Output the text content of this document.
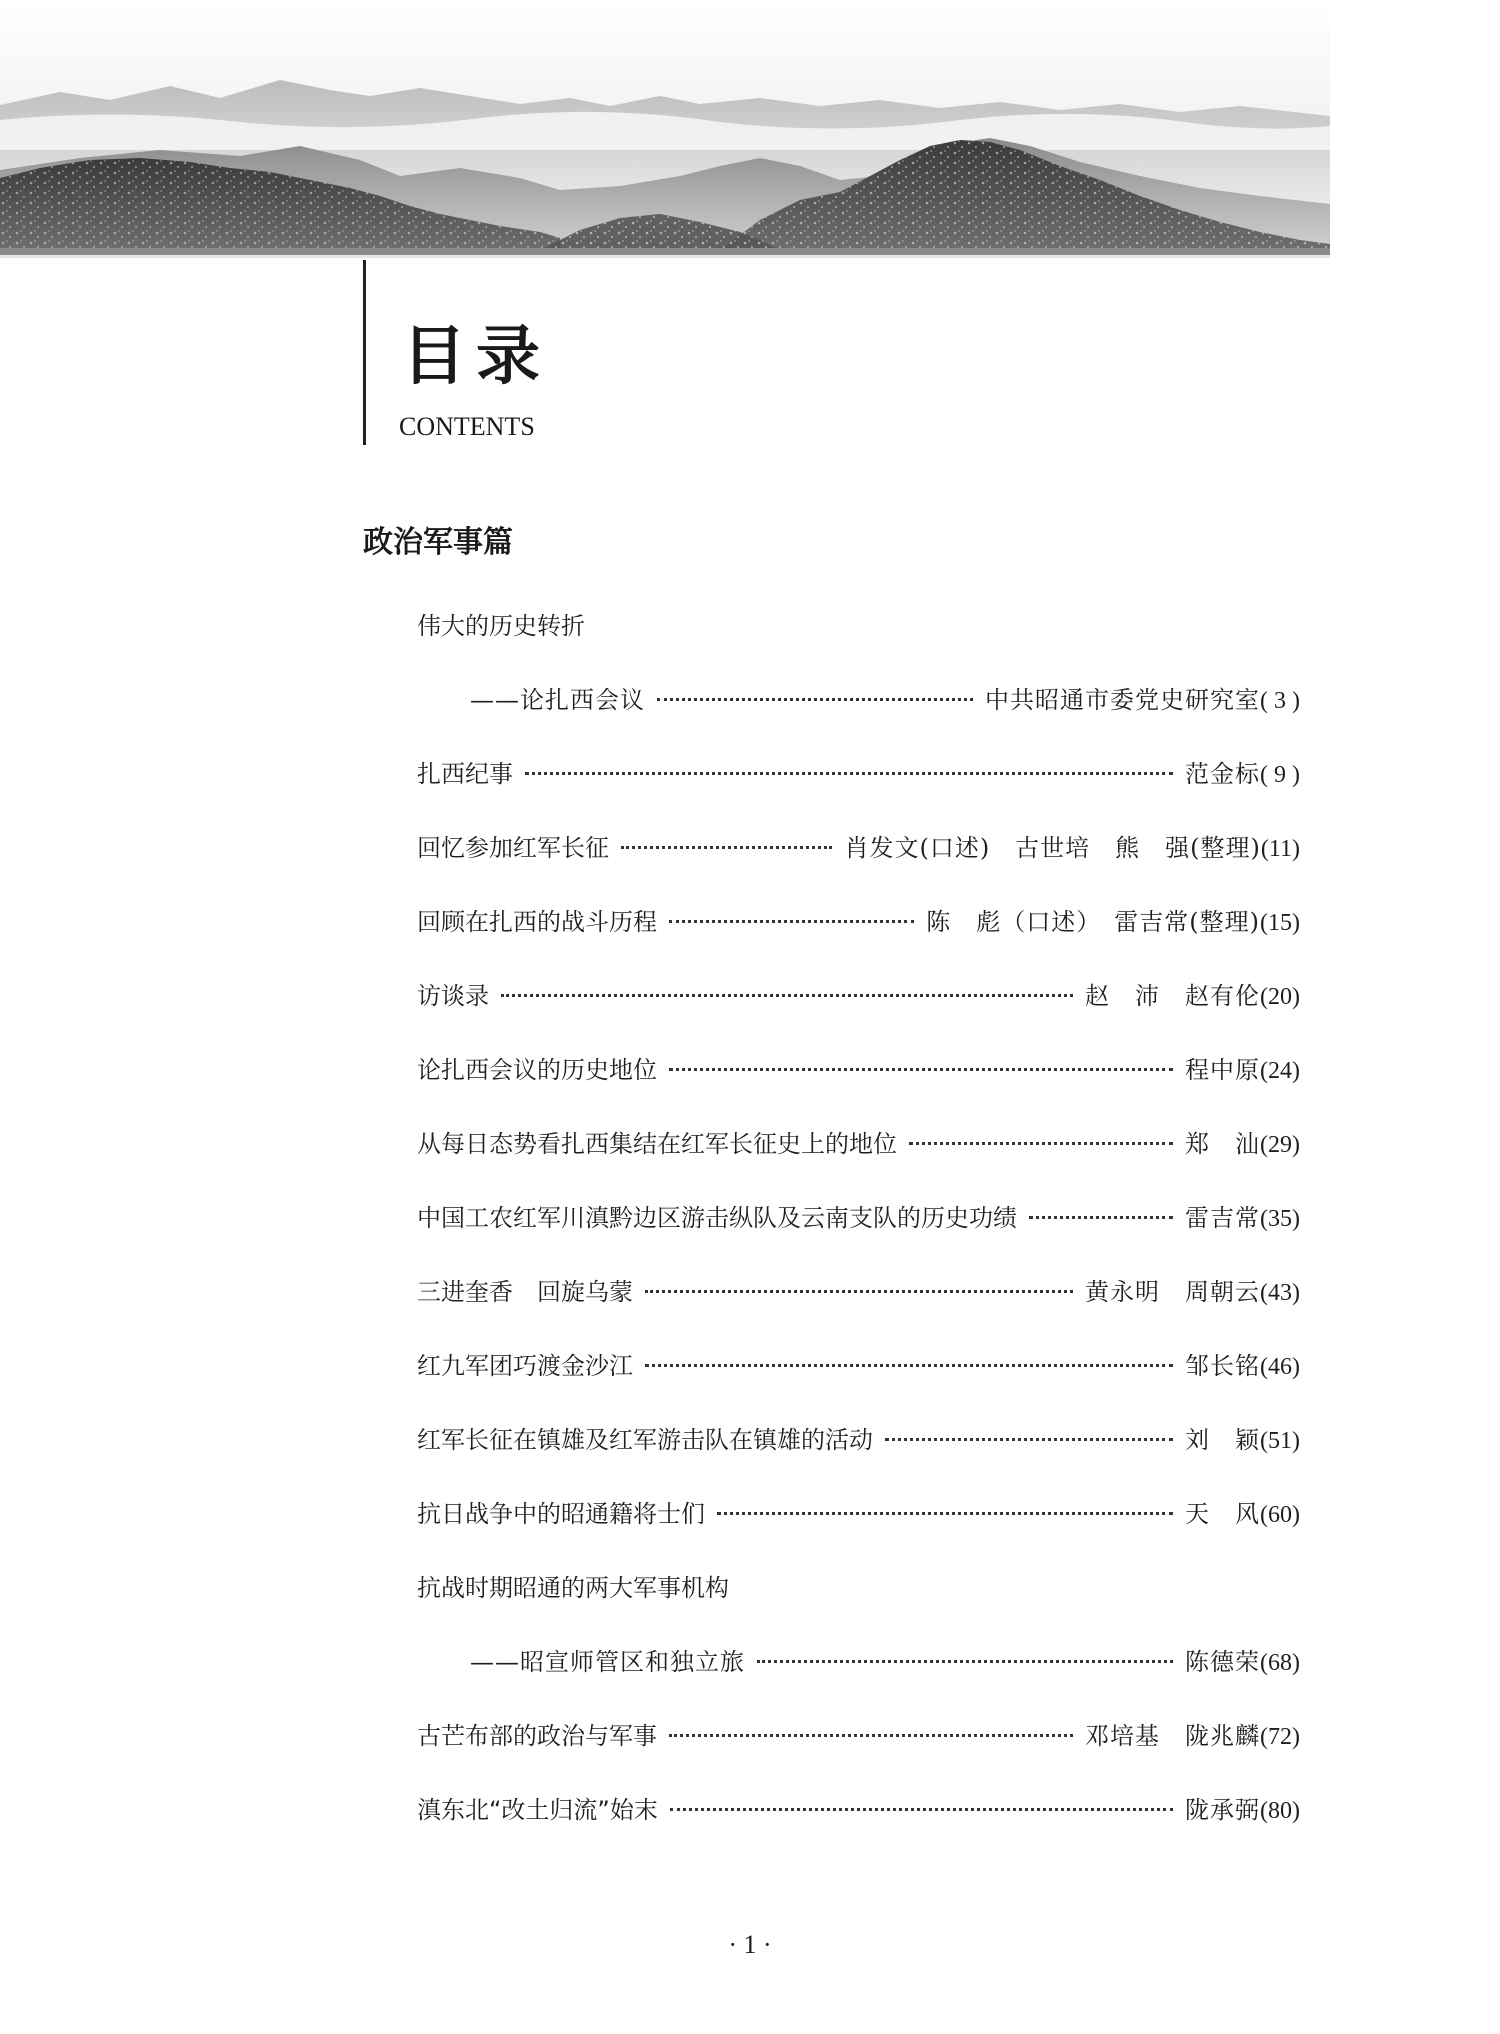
目录
CONTENTS
政治军事篇
伟大的历史转折
——论扎西会议	中共昭通市委党史研究室 ( 3 )
扎西纪事	范金标 ( 9 )
回忆参加红军长征	肖发文(口述)　古世培　熊　强(整理) (11)
回顾在扎西的战斗历程	陈　彪（口述）　雷吉常(整理) (15)
访谈录	赵　沛　赵有伦 (20)
论扎西会议的历史地位	程中原 (24)
从每日态势看扎西集结在红军长征史上的地位	郑　汕 (29)
中国工农红军川滇黔边区游击纵队及云南支队的历史功绩	雷吉常 (35)
三进奎香　回旋乌蒙	黄永明　周朝云 (43)
红九军团巧渡金沙江	邹长铭 (46)
红军长征在镇雄及红军游击队在镇雄的活动	刘　颖 (51)
抗日战争中的昭通籍将士们	天　风 (60)
抗战时期昭通的两大军事机构
——昭宣师管区和独立旅	陈德荣 (68)
古芒布部的政治与军事	邓培基　陇兆麟 (72)
滇东北“改土归流”始末	陇承弼 (80)
· 1 ·
